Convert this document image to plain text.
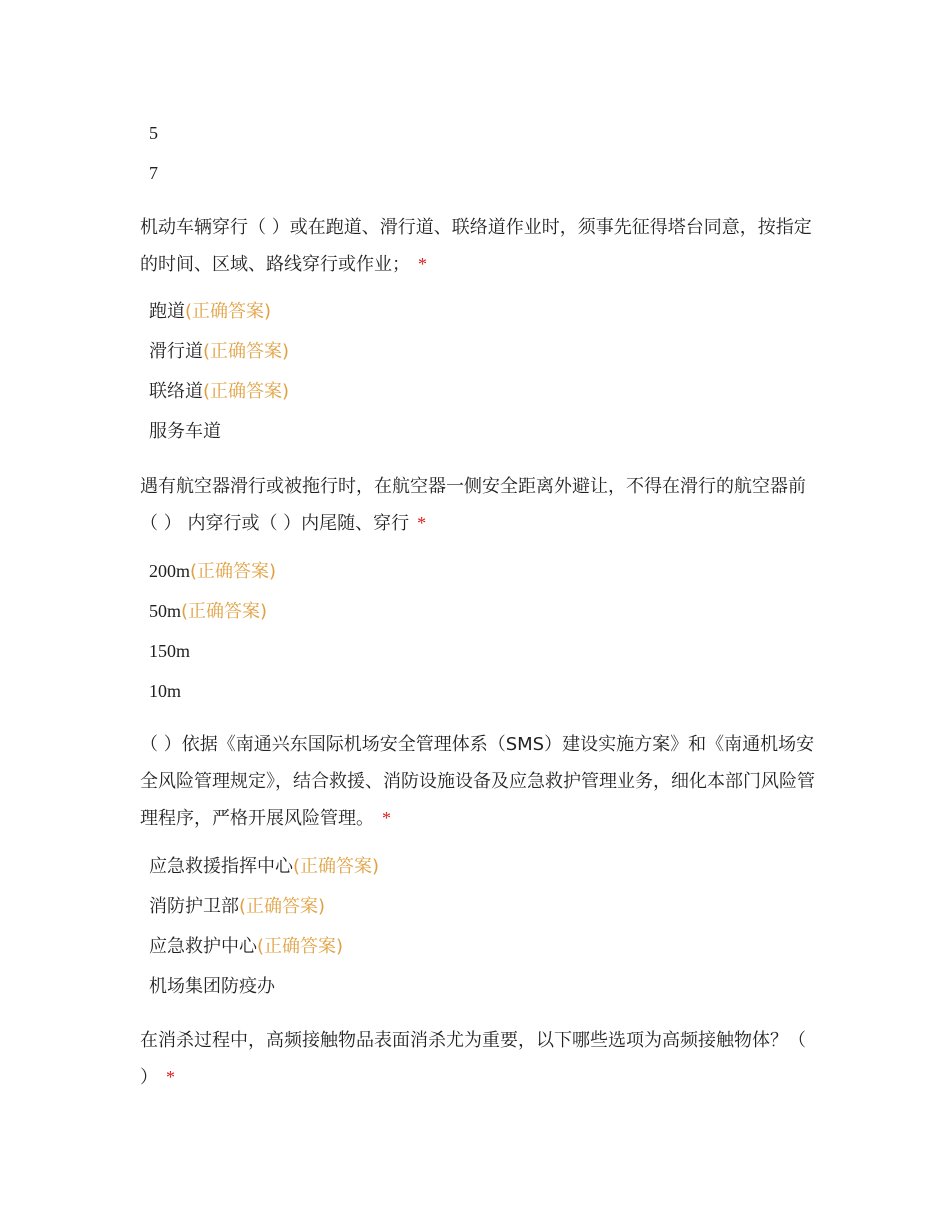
5
7

机动车辆穿行（ ）或在跑道、滑行道、联络道作业时，须事先征得塔台同意，按指定的时间、区域、路线穿行或作业； *

跑道(正确答案)
滑行道(正确答案)
联络道(正确答案)
服务车道

遇有航空器滑行或被拖行时，在航空器一侧安全距离外避让，不得在滑行的航空器前（ ） 内穿行或（ ）内尾随、穿行 *

200m(正确答案)
50m(正确答案)
150m
10m

（ ）依据《南通兴东国际机场安全管理体系（SMS）建设实施方案》和《南通机场安全风险管理规定》，结合救援、消防设施设备及应急救护管理业务，细化本部门风险管理程序，严格开展风险管理。 *

应急救援指挥中心(正确答案)
消防护卫部(正确答案)
应急救护中心(正确答案)
机场集团防疫办

在消杀过程中，高频接触物品表面消杀尤为重要，以下哪些选项为高频接触物体？（ ） *
